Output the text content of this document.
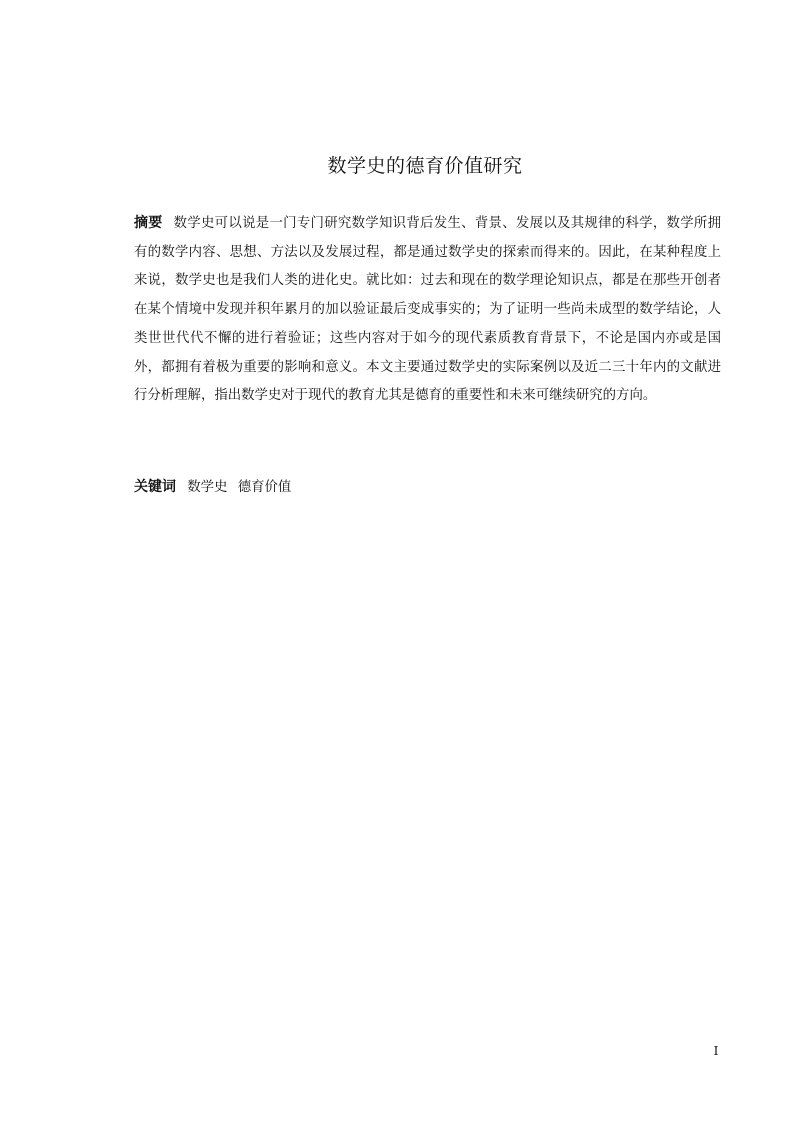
数学史的德育价值研究

摘要 数学史可以说是一门专门研究数学知识背后发生、背景、发展以及其规律的科学，数学所拥有的数学内容、思想、方法以及发展过程，都是通过数学史的探索而得来的。因此，在某种程度上来说，数学史也是我们人类的进化史。就比如：过去和现在的数学理论知识点，都是在那些开创者在某个情境中发现并积年累月的加以验证最后变成事实的；为了证明一些尚未成型的数学结论，人类世世代代不懈的进行着验证；这些内容对于如今的现代素质教育背景下，不论是国内亦或是国外，都拥有着极为重要的影响和意义。本文主要通过数学史的实际案例以及近二三十年内的文献进行分析理解，指出数学史对于现代的教育尤其是德育的重要性和未来可继续研究的方向。

关键词 数学史 德育价值
I
